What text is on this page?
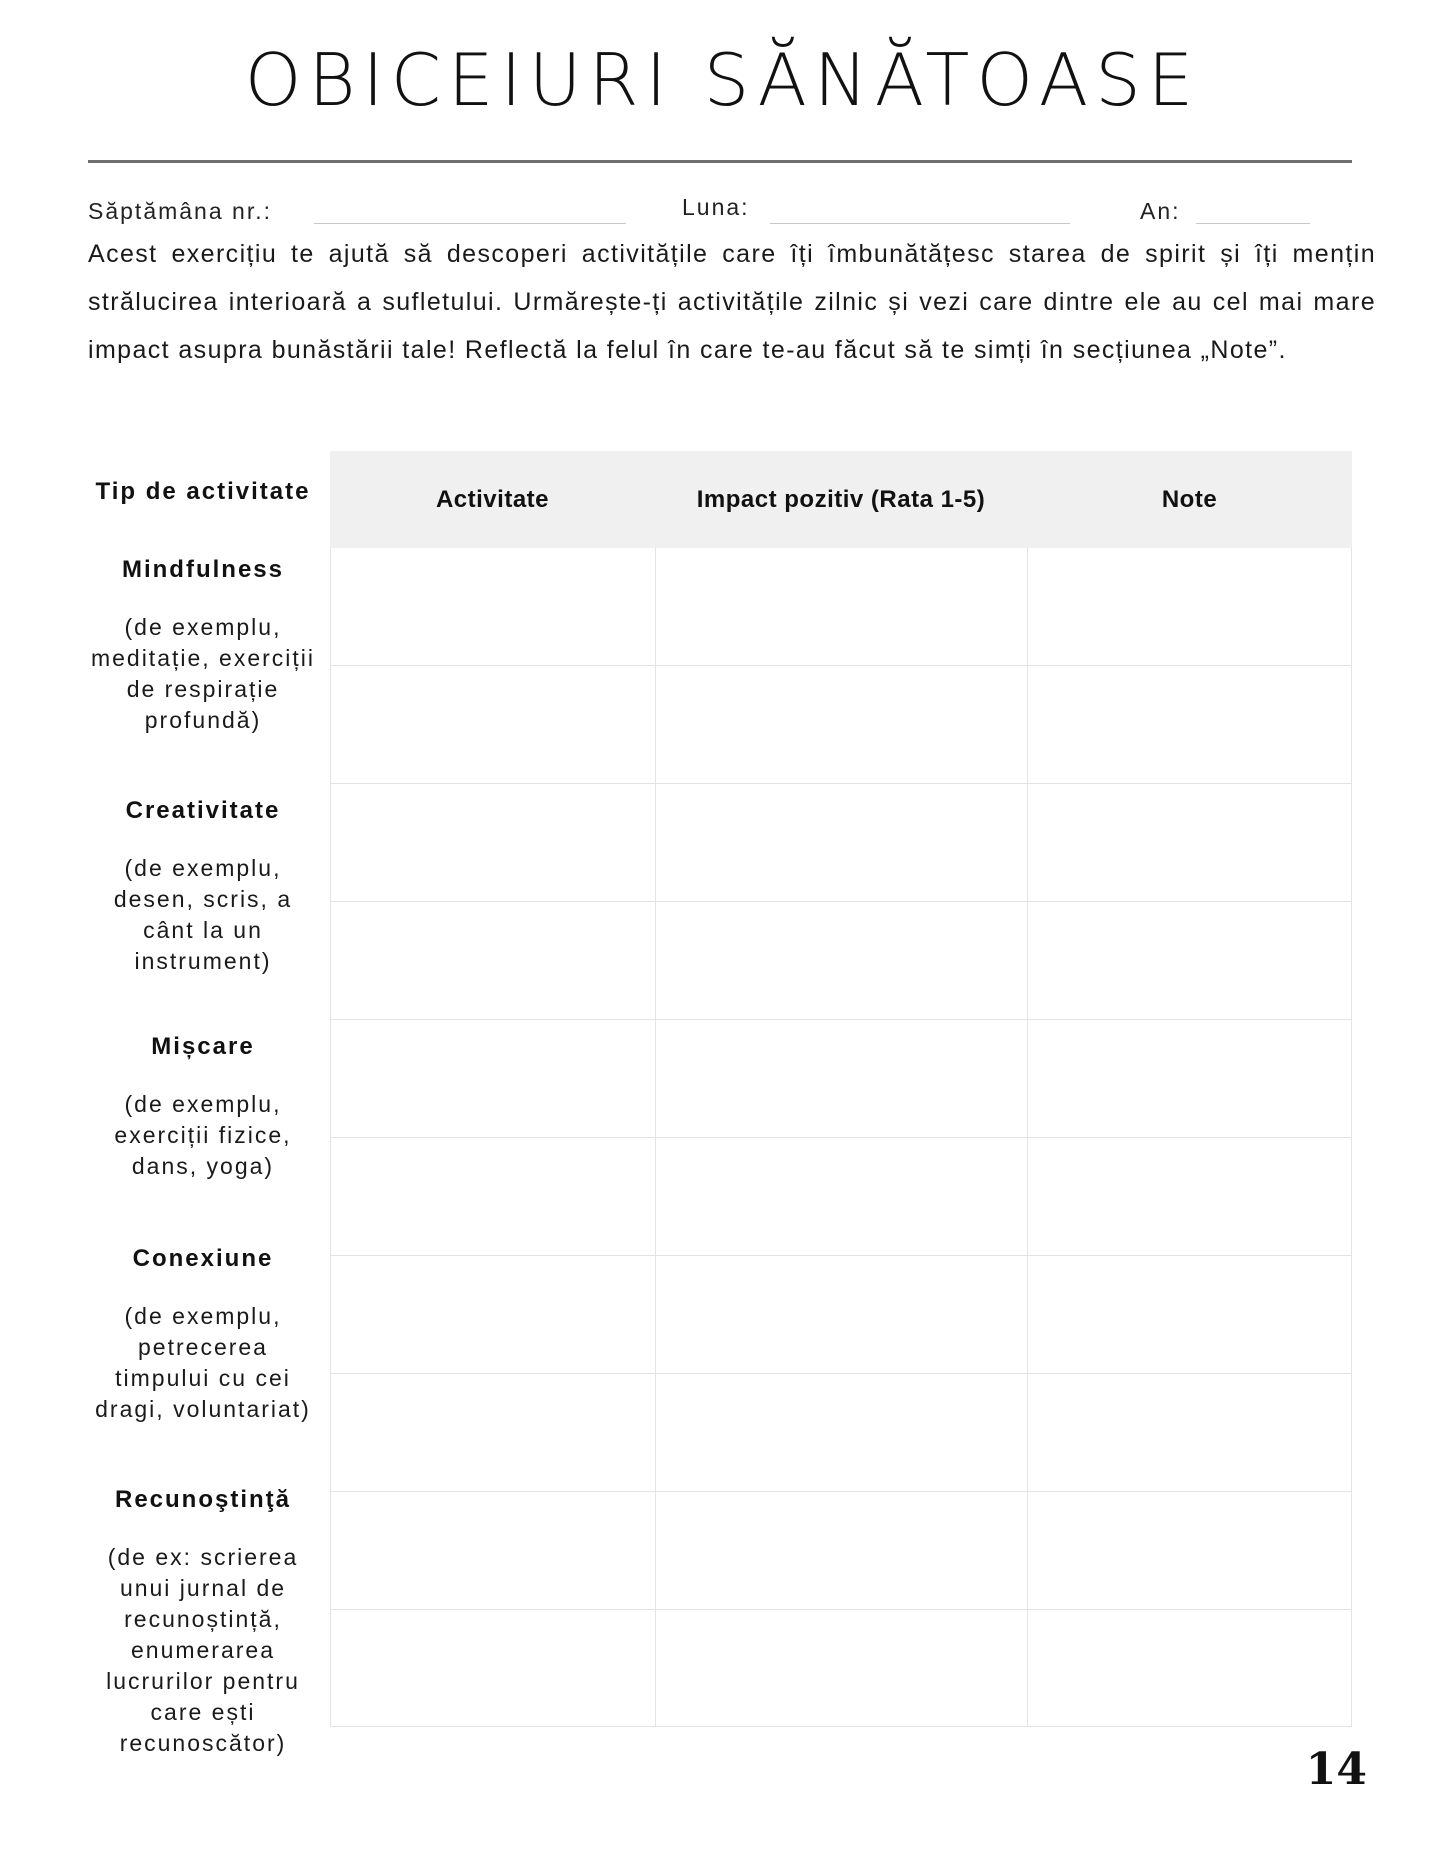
OBICEIURI SĂNĂTOASE
Săptămâna nr.:	Luna:	An:

Acest exercițiu te ajută să descoperi activitățile care îți îmbunătățesc starea de spirit și îți mențin strălucirea interioară a sufletului. Urmărește-ți activitățile zilnic și vezi care dintre ele au cel mai mare impact asupra bunăstării tale! Reflectă la felul în care te-au făcut să te simți în secțiunea „Note”.

Tip de activitate	Activitate	Impact pozitiv (Rata 1-5)	Note

Mindfulness

(de exemplu, meditație, exerciții de respirație profundă)

Creativitate

(de exemplu, desen, scris, a cânt la un instrument)

Mișcare

(de exemplu, exerciții fizice, dans, yoga)

Conexiune

(de exemplu, petrecerea timpului cu cei dragi, voluntariat)

Recunoştinţă

(de ex: scrierea unui jurnal de recunoștință, enumerarea lucrurilor pentru care ești recunoscător)

14
